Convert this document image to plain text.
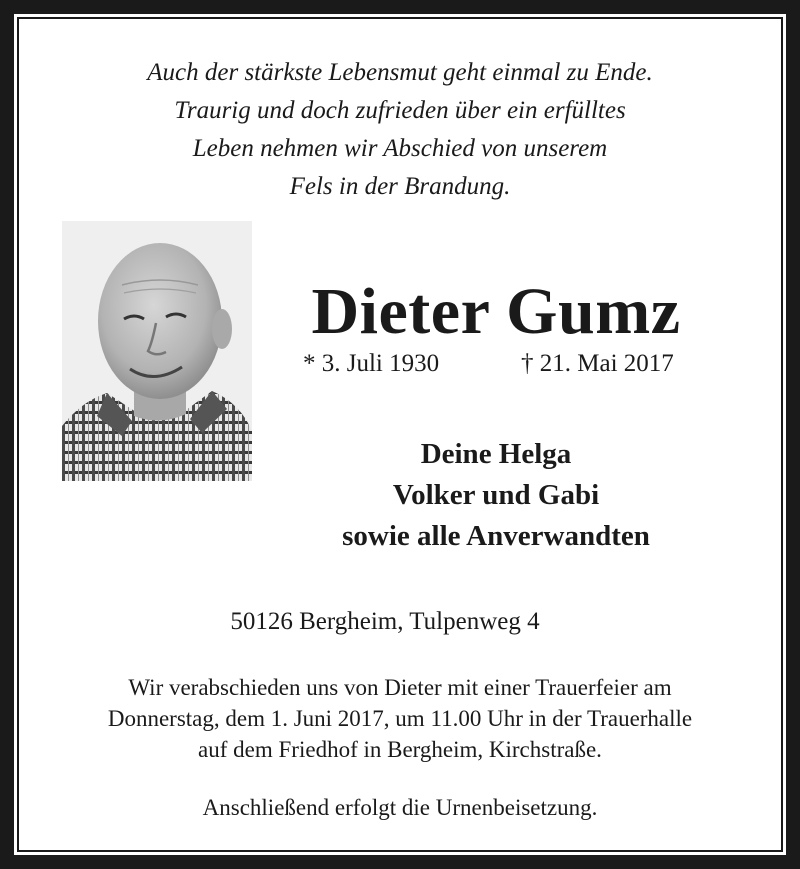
Auch der stärkste Lebensmut geht einmal zu Ende.
Traurig und doch zufrieden über ein erfülltes
Leben nehmen wir Abschied von unserem
Fels in der Brandung.
Dieter Gumz
* 3. Juli 1930	† 21. Mai 2017
Deine Helga
Volker und Gabi
sowie alle Anverwandten
50126 Bergheim, Tulpenweg 4
Wir verabschieden uns von Dieter mit einer Trauerfeier am
Donnerstag, dem 1. Juni 2017, um 11.00 Uhr in der Trauerhalle
auf dem Friedhof in Bergheim, Kirchstraße.
Anschließend erfolgt die Urnenbeisetzung.
